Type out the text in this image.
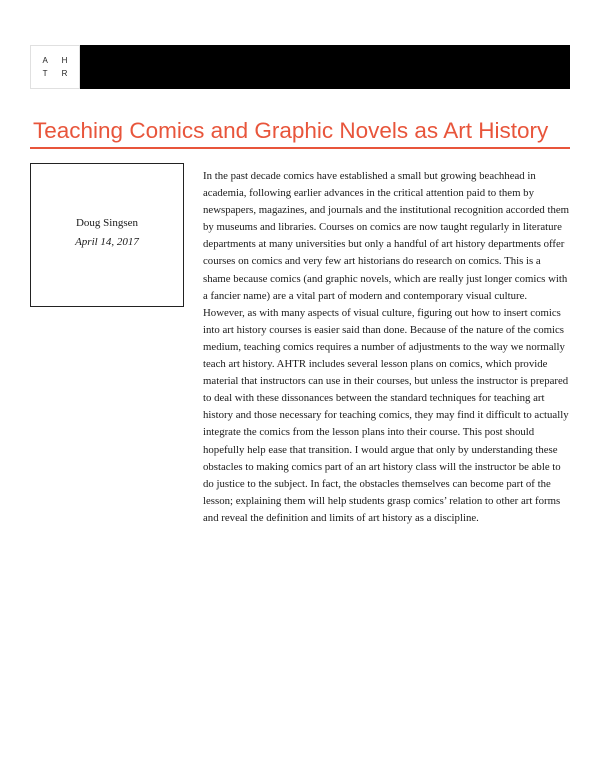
A H
T R
Teaching Comics and Graphic Novels as Art History
Doug Singsen
April 14, 2017

In the past decade comics have established a small but growing beachhead in academia, following earlier advances in the critical attention paid to them by newspapers, magazines, and journals and the institutional recognition accorded them by museums and libraries. Courses on comics are now taught regularly in literature departments at many universities but only a handful of art history departments offer courses on comics and very few art historians do research on comics. This is a shame because comics (and graphic novels, which are really just longer comics with a fancier name) are a vital part of modern and contemporary visual culture. However, as with many aspects of visual culture, figuring out how to insert comics into art history courses is easier said than done. Because of the nature of the comics medium, teaching comics requires a number of adjustments to the way we normally teach art history. AHTR includes several lesson plans on comics, which provide material that instructors can use in their courses, but unless the instructor is prepared to deal with these dissonances between the standard techniques for teaching art history and those necessary for teaching comics, they may find it difficult to actually integrate the comics from the lesson plans into their course. This post should hopefully help ease that transition. I would argue that only by understanding these obstacles to making comics part of an art history class will the instructor be able to do justice to the subject. In fact, the obstacles themselves can become part of the lesson; explaining them will help students grasp comics’ relation to other art forms and reveal the definition and limits of art history as a discipline.
